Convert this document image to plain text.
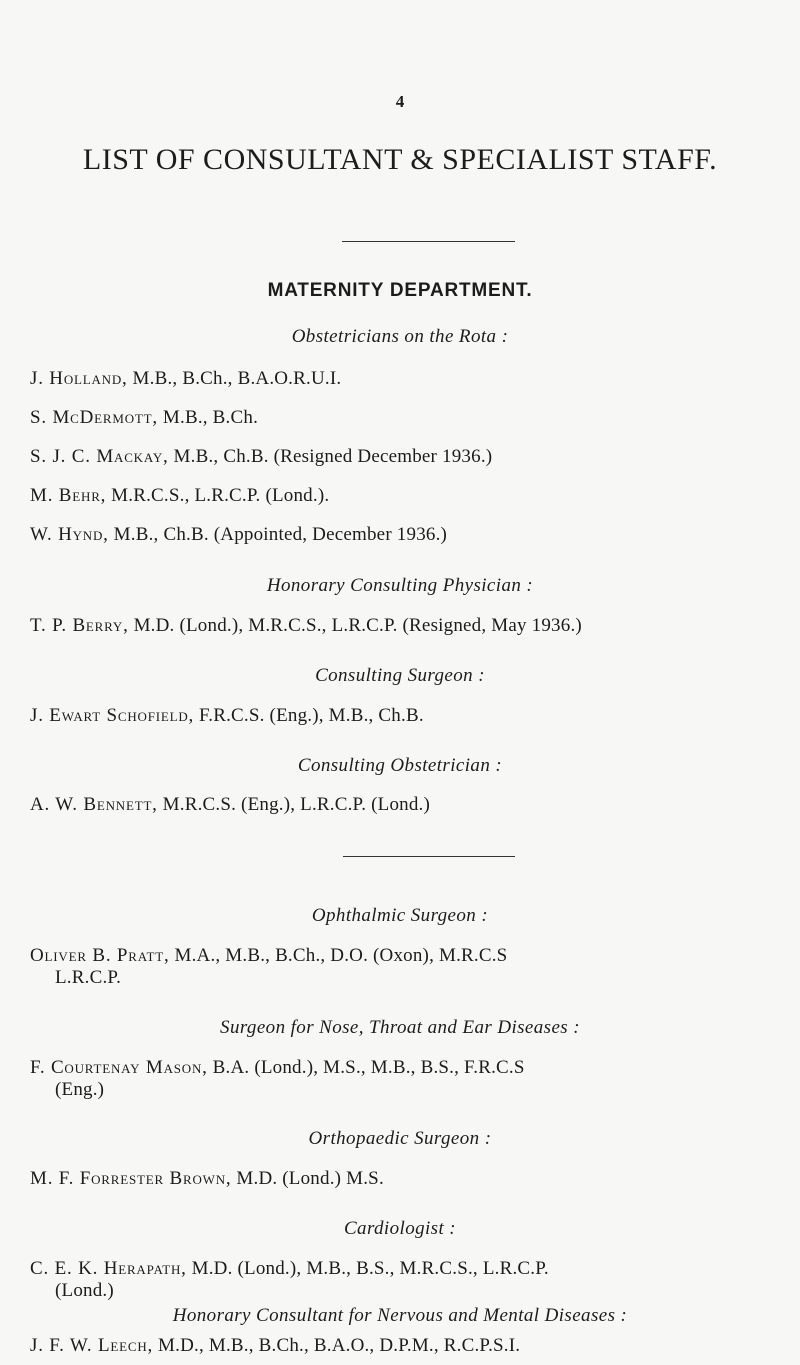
4
LIST OF CONSULTANT & SPECIALIST STAFF.
MATERNITY DEPARTMENT.
Obstetricians on the Rota :
J. Holland, M.B., B.Ch., B.A.O.R.U.I.
S. McDermott, M.B., B.Ch.
S. J. C. Mackay, M.B., Ch.B. (Resigned December 1936.)
M. Behr, M.R.C.S., L.R.C.P. (Lond.).
W. Hynd, M.B., Ch.B. (Appointed, December 1936.)
Honorary Consulting Physician :
T. P. Berry, M.D. (Lond.), M.R.C.S., L.R.C.P. (Resigned, May 1936.)
Consulting Surgeon :
J. Ewart Schofield, F.R.C.S. (Eng.), M.B., Ch.B.
Consulting Obstetrician :
A. W. Bennett, M.R.C.S. (Eng.), L.R.C.P. (Lond.)
Ophthalmic Surgeon :
Oliver B. Pratt, M.A., M.B., B.Ch., D.O. (Oxon), M.R.C.S
L.R.C.P.
Surgeon for Nose, Throat and Ear Diseases :
F. Courtenay Mason, B.A. (Lond.), M.S., M.B., B.S., F.R.C.S
(Eng.)
Orthopaedic Surgeon :
M. F. Forrester Brown, M.D. (Lond.) M.S.
Cardiologist :
C. E. K. Herapath, M.D. (Lond.), M.B., B.S., M.R.C.S., L.R.C.P.
(Lond.)
Honorary Consultant for Nervous and Mental Diseases :
J. F. W. Leech, M.D., M.B., B.Ch., B.A.O., D.P.M., R.C.P.S.I.
